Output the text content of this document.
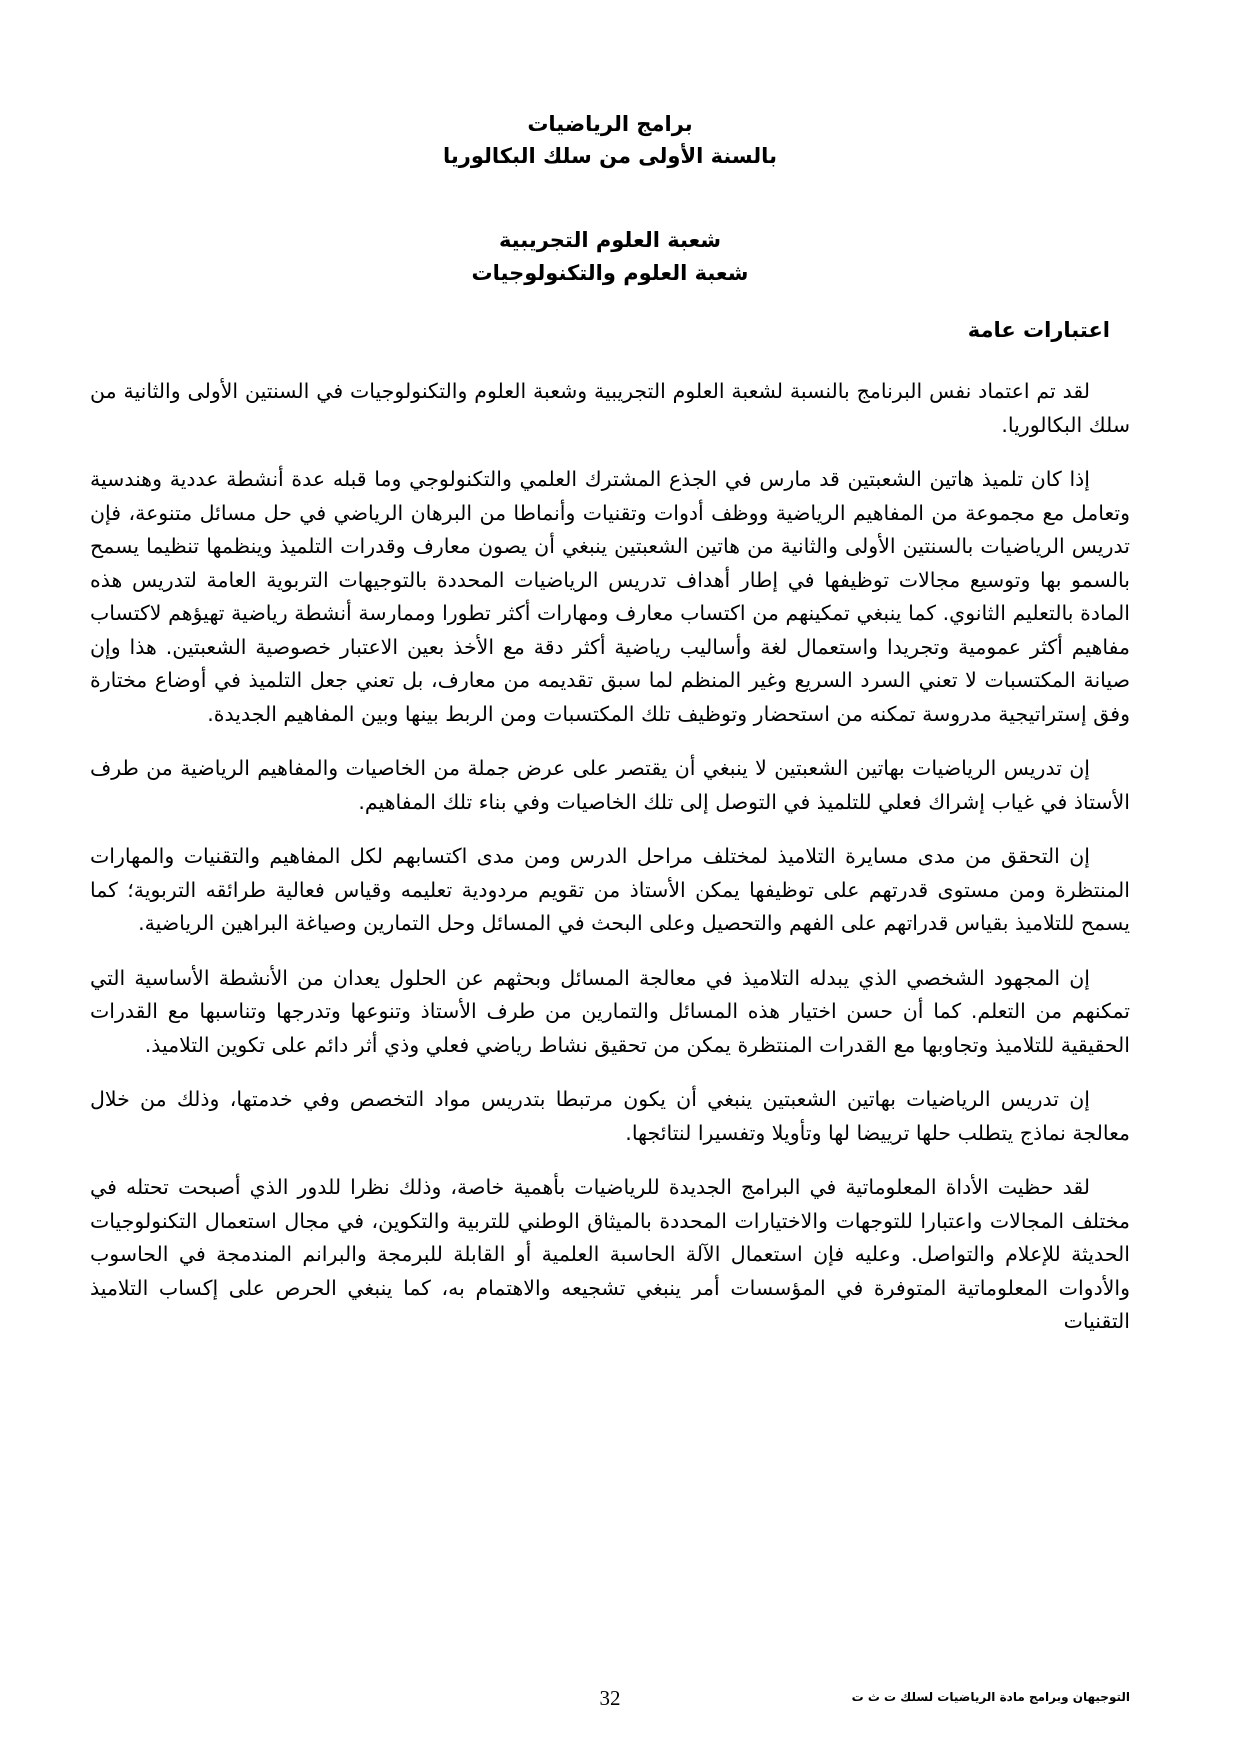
برامج الرياضيات

بالسنة الأولى من سلك البكالوريا

شعبة العلوم التجريبية

شعبة العلوم والتكنولوجيات

اعتبارات عامة

لقد تم اعتماد نفس البرنامج بالنسبة لشعبة العلوم التجريبية وشعبة العلوم والتكنولوجيات في السنتين الأولى والثانية من سلك البكالوريا.

إذا كان تلميذ هاتين الشعبتين قد مارس في الجذع المشترك العلمي والتكنولوجي وما قبله عدة أنشطة عددية وهندسية وتعامل مع مجموعة من المفاهيم الرياضية ووظف أدوات وتقنيات وأنماطا من البرهان الرياضي في حل مسائل متنوعة، فإن تدريس الرياضيات بالسنتين الأولى والثانية من هاتين الشعبتين ينبغي أن يصون معارف وقدرات التلميذ وينظمها تنظيما يسمح بالسمو بها وتوسيع مجالات توظيفها في إطار أهداف تدريس الرياضيات المحددة بالتوجيهات التربوية العامة لتدريس هذه المادة بالتعليم الثانوي. كما ينبغي تمكينهم من اكتساب معارف ومهارات أكثر تطورا وممارسة أنشطة رياضية تهيؤهم لاكتساب مفاهيم أكثر عمومية وتجريدا واستعمال لغة وأساليب رياضية أكثر دقة مع الأخذ بعين الاعتبار خصوصية الشعبتين. هذا وإن صيانة المكتسبات لا تعني السرد السريع وغير المنظم لما سبق تقديمه من معارف، بل تعني جعل التلميذ في أوضاع مختارة وفق إستراتيجية مدروسة تمكنه من استحضار وتوظيف تلك المكتسبات ومن الربط بينها وبين المفاهيم الجديدة.

إن تدريس الرياضيات بهاتين الشعبتين لا ينبغي أن يقتصر على عرض جملة من الخاصيات والمفاهيم الرياضية من طرف الأستاذ في غياب إشراك فعلي للتلميذ في التوصل إلى تلك الخاصيات وفي بناء تلك المفاهيم.

إن التحقق من مدى مسايرة التلاميذ لمختلف مراحل الدرس ومن مدى اكتسابهم لكل المفاهيم والتقنيات والمهارات المنتظرة ومن مستوى قدرتهم على توظيفها يمكن الأستاذ من تقويم مردودية تعليمه وقياس فعالية طرائقه التربوية؛ كما يسمح للتلاميذ بقياس قدراتهم على الفهم والتحصيل وعلى البحث في المسائل وحل التمارين وصياغة البراهين الرياضية.

إن المجهود الشخصي الذي يبدله التلاميذ في معالجة المسائل وبحثهم عن الحلول يعدان من الأنشطة الأساسية التي تمكنهم من التعلم. كما أن حسن اختيار هذه المسائل والتمارين من طرف الأستاذ وتنوعها وتدرجها وتناسبها مع القدرات الحقيقية للتلاميذ وتجاوبها مع القدرات المنتظرة يمكن من تحقيق نشاط رياضي فعلي وذي أثر دائم على تكوين التلاميذ.

إن تدريس الرياضيات بهاتين الشعبتين ينبغي أن يكون مرتبطا بتدريس مواد التخصص وفي خدمتها، وذلك من خلال معالجة نماذج يتطلب حلها ترييضا لها وتأويلا وتفسيرا لنتائجها.

لقد حظيت الأداة المعلوماتية في البرامج الجديدة للرياضيات بأهمية خاصة، وذلك نظرا للدور الذي أصبحت تحتله في مختلف المجالات واعتبارا للتوجهات والاختيارات المحددة بالميثاق الوطني للتربية والتكوين، في مجال استعمال التكنولوجيات الحديثة للإعلام والتواصل. وعليه فإن استعمال الآلة الحاسبة العلمية أو القابلة للبرمجة والبرانم المندمجة في الحاسوب والأدوات المعلوماتية المتوفرة في المؤسسات أمر ينبغي تشجيعه والاهتمام به، كما ينبغي الحرص على إكساب التلاميذ التقنيات

32	التوجيهان وبرامج مادة الرياضيات لسلك ت ث ت
